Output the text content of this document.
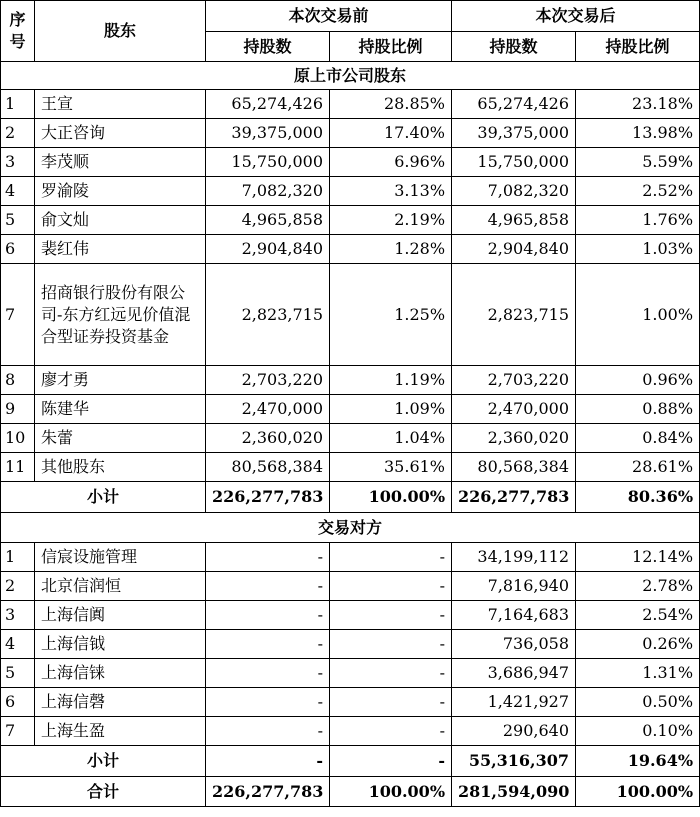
序号	股东	本次交易前		本次交易后	
		持股数	持股比例	持股数	持股比例
原上市公司股东					
1	王宣	65,274,426	28.85%	65,274,426	23.18%
2	大正咨询	39,375,000	17.40%	39,375,000	13.98%
3	李茂顺	15,750,000	6.96%	15,750,000	5.59%
4	罗渝陵	7,082,320	3.13%	7,082,320	2.52%
5	俞文灿	4,965,858	2.19%	4,965,858	1.76%
6	裴红伟	2,904,840	1.28%	2,904,840	1.03%
7	招商银行股份有限公司-东方红远见价值混合型证券投资基金	2,823,715	1.25%	2,823,715	1.00%
8	廖才勇	2,703,220	1.19%	2,703,220	0.96%
9	陈建华	2,470,000	1.09%	2,470,000	0.88%
10	朱蕾	2,360,020	1.04%	2,360,020	0.84%
11	其他股东	80,568,384	35.61%	80,568,384	28.61%
小计		226,277,783	100.00%	226,277,783	80.36%
交易对方					
1	信宸设施管理	-	-	34,199,112	12.14%
2	北京信润恒	-	-	7,816,940	2.78%
3	上海信阗	-	-	7,164,683	2.54%
4	上海信钺	-	-	736,058	0.26%
5	上海信铼	-	-	3,686,947	1.31%
6	上海信磬	-	-	1,421,927	0.50%
7	上海生盈	-	-	290,640	0.10%
小计		-	-	55,316,307	19.64%
合计		226,277,783	100.00%	281,594,090	100.00%
